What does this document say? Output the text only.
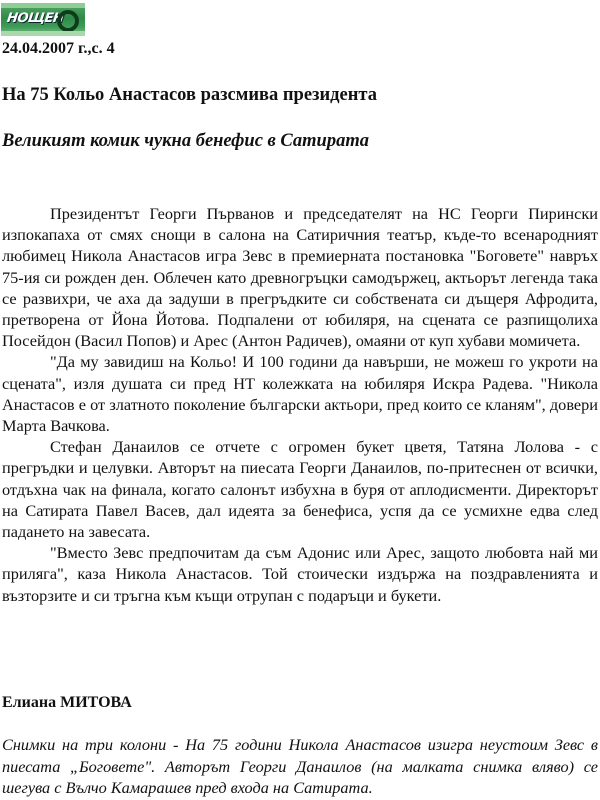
НОЩЕН
24.04.2007 г.,с. 4
На 75 Кольо Анастасов разсмива президента
Великият комик чукна бенефис в Сатирата

Президентът Георги Първанов и председателят на НС Георги Пирински изпокапаха от смях снощи в салона на Сатиричния театър, къде-то всенародният любимец Никола Анастасов игра Зевс в премиерната постановка "Боговете" навръх 75-ия си рожден ден. Облечен като древногръцки самодържец, актьорът легенда така се развихри, че аха да задуши в прегръдките си собствената си дъщеря Афродита, претворена от Йона Йотова. Подпалени от юбиляря, на сцената се разпищолиха Посейдон (Васил Попов) и Арес (Антон Радичев), омаяни от куп хубави момичета.

"Да му завидиш на Кольо! И 100 години да навърши, не можеш го укроти на сцената", изля душата си пред НТ колежката на юбиляря Искра Радева. "Никола Анастасов е от златното поколение български актьори, пред които се кланям", довери Марта Вачкова.

Стефан Данаилов се отчете с огромен букет цветя, Татяна Лолова - с прегръдки и целувки. Авторът на пиесата Георги Данаилов, по-притеснен от всички, отдъхна чак на финала, когато салонът избухна в буря от аплодисменти. Директорът на Сатирата Павел Васев, дал идеята за бенефиса, успя да се усмихне едва след падането на завесата.

"Вместо Зевс предпочитам да съм Адонис или Арес, защото любовта най ми приляга", каза Никола Анастасов. Той стоически издържа на поздравленията и възторзите и си тръгна към къщи отрупан с подаръци и букети.

Елиана МИТОВА
Снимки на три колони - На 75 години Никола Анастасов изигра неустоим Зевс в пиесата „Боговете". Авторът Георги Данаилов (на малката снимка вляво) се шегува с Вълчо Камарашев пред входа на Сатирата.
